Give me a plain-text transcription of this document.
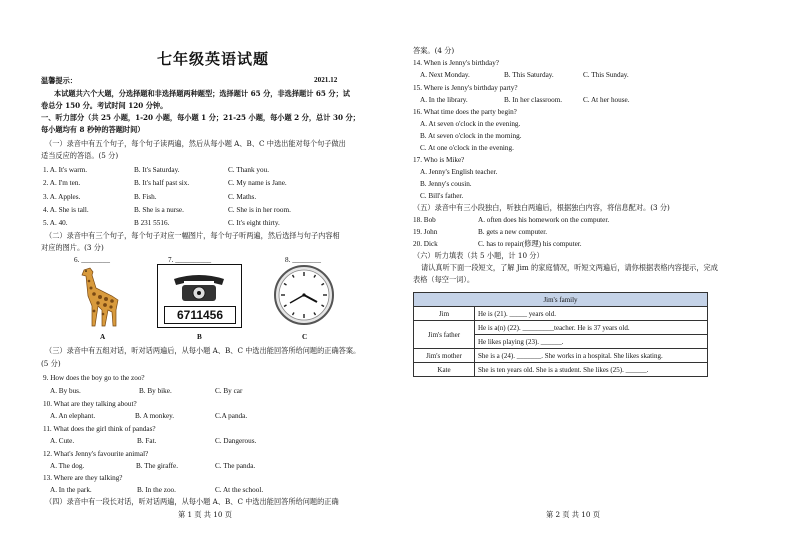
七年级英语试题
温馨提示：	2021.12
本试题共六个大题，分选择题和非选择题两种题型；选择题计 65 分，非选择题计 65 分；试
卷总分 150 分。考试时间 120 分钟。
一、听力部分（共 25 小题，1-20 小题，每小题 1 分；21-25 小题，每小题 2 分，总计 30 分；
每小题均有 8 秒钟的答题时间）
（一）录音中有五个句子，每个句子读两遍，然后从每小题 A、B、C 中选出能对每个句子做出
适当反应的答语。(5 分)
1. A. It's warm.	B. It's Saturday.	C. Thank you.
2. A. I'm ten.	B. It's half past six.	C. My name is Jane.
3. A. Apples.	B. Fish.	C. Maths.
4. A. She is tall.	B. She is a nurse.	C. She is in her room.
5. A. 40.	B 231 5516.	C. It's eight thirty.
（二）录音中有三个句子，每个句子对应一幅图片，每个句子听两遍，然后选择与句子内容相
对应的图片。(3 分)
6. ________	7. __________	8. ________
6711456
A	B	C
（三）录音中有五组对话，听对话两遍后，从每小题 A、B、C 中选出能回答所给问题的正确答案。
(5 分)
9. How does the boy go to the zoo?
A. By bus.	B. By bike.	C. By car
10. What are they talking about?
A. An elephant.	B. A monkey.	C.A panda.
11. What does the girl think of pandas?
A. Cute.	B. Fat.	C. Dangerous.
12. What's Jenny's favourite animal?
A. The dog.	B. The giraffe.	C. The panda.
13. Where are they talking?
A. In the park.	B. In the zoo.	C. At the school.
（四）录音中有一段长对话，听对话两遍，从每小题 A、B、C 中选出能回答所给问题的正确
第 1 页 共 10 页
答案。(4 分)
14. When is Jenny's birthday?
A. Next Monday.	B. This Saturday.	C. This Sunday.
15. Where is Jenny's birthday party?
A. In the library.	B. In her classroom.	C. At her house.
16. What time does the party begin?
A. At seven o'clock in the evening.
B. At seven o'clock in the morning.
C. At one o'clock in the evening.
17. Who is Mike?
A. Jenny's English teacher.
B. Jenny's cousin.
C. Bill's father.
（五）录音中有三小段独白，听独白两遍后，根据独白内容，将信息配对。(3 分)
18. Bob	A. often does his homework on the computer.
19. John	B. gets a new computer.
20. Dick	C. has to repair(修理) his computer.
（六）听力填表（共 5 小题，计 10 分）
请认真听下面一段短文，了解 Jim 的家庭情况，听短文两遍后，请你根据表格内容提示，完成
表格（每空一词）。
Jim's family	
Jim	He is (21). _____ years old.
Jim's father	He is a(n) (22). _________teacher. He is 37 years old.
	He likes playing (23). ______.
Jim's mother	She is a (24). _______. She works in a hospital. She likes skating.
Kate	She is ten years old. She is a student. She likes (25). ______.
第 2 页 共 10 页
